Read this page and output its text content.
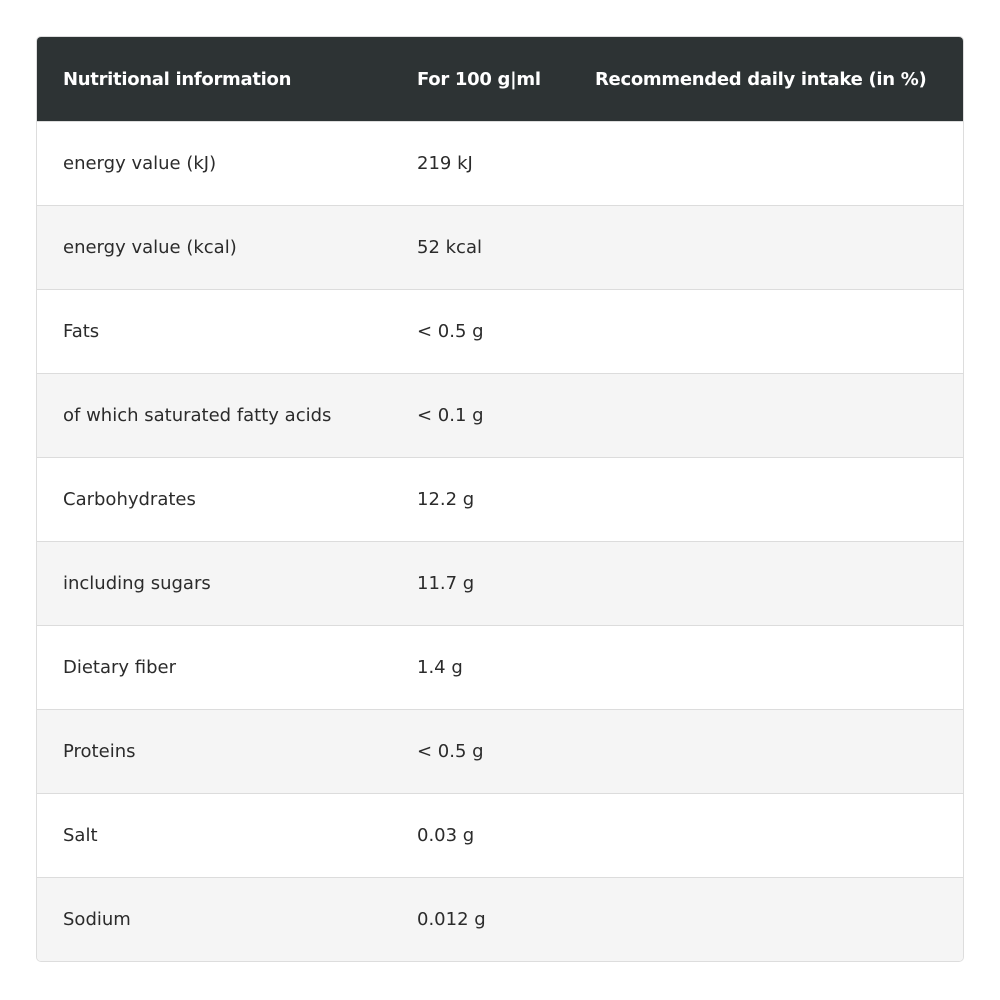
Nutritional information	For 100 g|ml	Recommended daily intake (in %)
energy value (kJ)	219 kJ
energy value (kcal)	52 kcal
Fats	< 0.5 g
of which saturated fatty acids	< 0.1 g
Carbohydrates	12.2 g
including sugars	11.7 g
Dietary fiber	1.4 g
Proteins	< 0.5 g
Salt	0.03 g
Sodium	0.012 g
